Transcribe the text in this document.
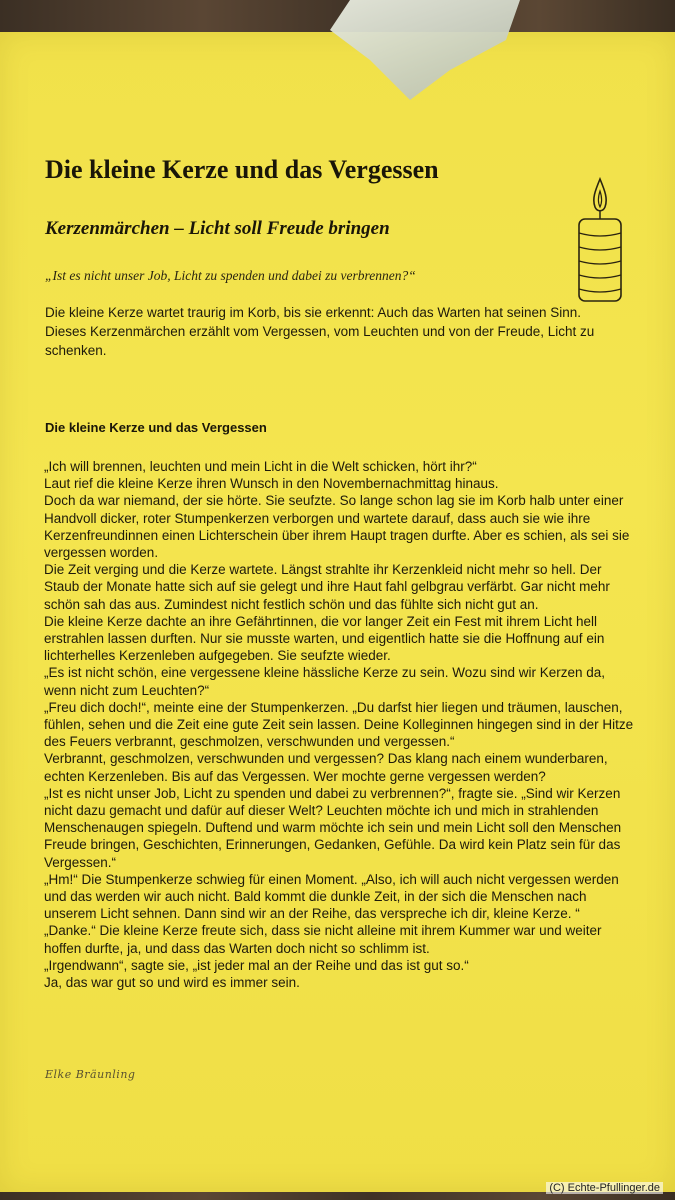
Die kleine Kerze und das Vergessen
Kerzenmärchen – Licht soll Freude bringen
„Ist es nicht unser Job, Licht zu spenden und dabei zu verbrennen?“

Die kleine Kerze wartet traurig im Korb, bis sie erkennt: Auch das Warten hat seinen Sinn.

Dieses Kerzenmärchen erzählt vom Vergessen, vom Leuchten und von der Freude, Licht zu schenken.

Die kleine Kerze und das Vergessen

„Ich will brennen, leuchten und mein Licht in die Welt schicken, hört ihr?“

Laut rief die kleine Kerze ihren Wunsch in den Novembernachmittag hinaus.

Doch da war niemand, der sie hörte. Sie seufzte. So lange schon lag sie im Korb halb unter einer Handvoll dicker, roter Stumpenkerzen verborgen und wartete darauf, dass auch sie wie ihre Kerzenfreundinnen einen Lichterschein über ihrem Haupt tragen durfte. Aber es schien, als sei sie vergessen worden.

Die Zeit verging und die Kerze wartete. Längst strahlte ihr Kerzenkleid nicht mehr so hell. Der Staub der Monate hatte sich auf sie gelegt und ihre Haut fahl gelbgrau verfärbt. Gar nicht mehr schön sah das aus. Zumindest nicht festlich schön und das fühlte sich nicht gut an.

Die kleine Kerze dachte an ihre Gefährtinnen, die vor langer Zeit ein Fest mit ihrem Licht hell erstrahlen lassen durften. Nur sie musste warten, und eigentlich hatte sie die Hoffnung auf ein lichterhelles Kerzenleben aufgegeben. Sie seufzte wieder.

„Es ist nicht schön, eine vergessene kleine hässliche Kerze zu sein. Wozu sind wir Kerzen da, wenn nicht zum Leuchten?“

„Freu dich doch!“, meinte eine der Stumpenkerzen. „Du darfst hier liegen und träumen, lauschen, fühlen, sehen und die Zeit eine gute Zeit sein lassen. Deine Kolleginnen hingegen sind in der Hitze des Feuers verbrannt, geschmolzen, verschwunden und vergessen.“

Verbrannt, geschmolzen, verschwunden und vergessen? Das klang nach einem wunderbaren, echten Kerzenleben. Bis auf das Vergessen. Wer mochte gerne vergessen werden?

„Ist es nicht unser Job, Licht zu spenden und dabei zu verbrennen?“, fragte sie. „Sind wir Kerzen nicht dazu gemacht und dafür auf dieser Welt? Leuchten möchte ich und mich in strahlenden Menschenaugen spiegeln. Duftend und warm möchte ich sein und mein Licht soll den Menschen Freude bringen, Geschichten, Erinnerungen, Gedanken, Gefühle. Da wird kein Platz sein für das Vergessen.“

„Hm!“ Die Stumpenkerze schwieg für einen Moment. „Also, ich will auch nicht vergessen werden und das werden wir auch nicht. Bald kommt die dunkle Zeit, in der sich die Menschen nach unserem Licht sehnen. Dann sind wir an der Reihe, das verspreche ich dir, kleine Kerze. “

„Danke.“ Die kleine Kerze freute sich, dass sie nicht alleine mit ihrem Kummer war und weiter hoffen durfte, ja, und dass das Warten doch nicht so schlimm ist.

„Irgendwann“, sagte sie, „ist jeder mal an der Reihe und das ist gut so.“

Ja, das war gut so und wird es immer sein.

Elke Bräunling
(C) Echte-Pfullinger.de
